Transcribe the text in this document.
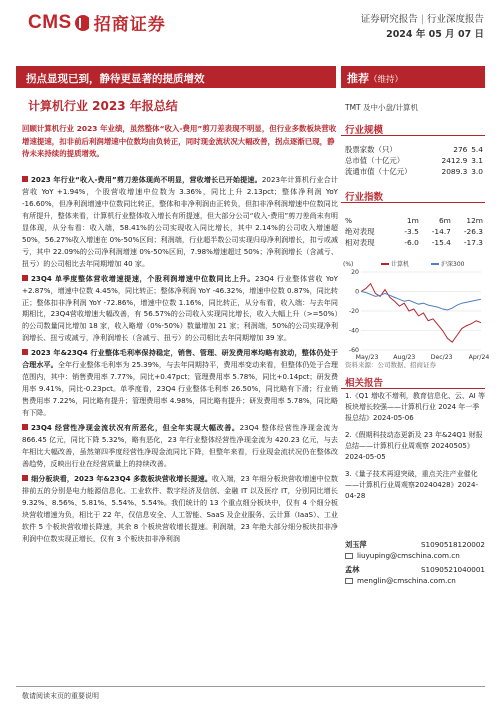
CMS 招商证券	证券研究报告 | 行业深度报告
2024 年 05 月 07 日
拐点显现已到，静待更显著的提质增效	推荐（维持）
计算机行业 2023 年报总结	TMT 及中小盘/计算机
回顾计算机行业 2023 年业绩，虽然整体“收入-费用”剪刀差表现不明显，但行业多数板块营收增速提速，扣非前后利润增速中位数均由负转正，同时现金流状况大幅改善，拐点逐渐已现，静待未来持续的提质增效。
2023 年行业“收入-费用”剪刀差体现尚不明显，营收增长已开始提速。2023年计算机行业合计营收 YoY +1.94%，个股营收增速中位数为 3.36%，同比上升 2.13pct；整体净利润 YoY -16.60%，但净利润增速中位数同比转正，整体和非净利润由正转负，但扣非净利润增速中位数同比有所提升，整体来看，计算机行业整体收入增长有所提速，但大部分公司“收入-费用”剪刀差尚未有明显体现，从分布看：收入端，58.41%的公司实现收入同比增长，其中 2.14%的公司收入增速超 50%，56.27%收入增速在 0%-50%区间；利润端，行业超半数公司实现归母净利润增长，扣亏或减亏，其中 22.09%的公司净利润增速 0%-50%区间，7.98%增速超过 50%；净利润增长（含减亏、扭亏）的公司相比去年同期增加 40 家。
23Q4 单季度整体营收增速提速，个股利润增速中位数同比上升。23Q4 行业整体营收 YoY +2.87%，增速中位数 4.45%，同比转正；整体净利润 YoY -46.32%，增速中位数 0.87%，同比转正；整体扣非净利润 YoY -72.86%，增速中位数 1.16%，同比转正，从分布看，收入端：与去年同期相比，23Q4营收增速大幅改善，有 56.57%的公司收入实现同比增长，收入大幅上升（>=50%）的公司数量同比增加 18 家，收入略增（0%-50%）数量增加 21 家；利润端，50%的公司实现净利润增长、扭亏或减亏，净利润增长（含减亏、扭亏）的公司相比去年同期增加 39 家。
2023 年&23Q4 行业整体毛利率保持稳定，销售、管理、研发费用率均略有波动，整体仍处于合理水平。全年行业整体毛利率为 25.39%，与去年同期持平，费用率变动来看，但整体仍处于合理范围内，其中：销售费用率 7.77%，同比+0.47pct；管理费用率 5.78%，同比+0.14pct；研发费用率 9.41%，同比-0.23pct。单季度看，23Q4 行业整体毛利率 26.50%，同比略有下滑；行业销售费用率 7.22%，同比略有提升；管理费用率 4.98%，同比略有提升；研发费用率 5.78%，同比略有下降。
23Q4 经营性净现金流状况有所恶化，但全年实现大幅改善。23Q4 整体经营性净现金流为 866.45 亿元，同比下降 5.32%，略有恶化，23 年行业整体经营性净现金流为 420.23 亿元，与去年相比大幅改善，虽然第四季度经营性净现金流同比下降，但整年来看，行业现金流状况仍在整体改善趋势，反映出行业在经营质量上的持续改善。
细分板块看，2023 年&23Q4 多数板块营收增长提速。收入端，23 年细分板块营收增速中位数排前五的分别是电力能源信息化、工业软件、数字经济及信创、金融 IT 以及医疗 IT，分别同比增长 9.32%、8.56%、5.81%、5.54%、5.54%。我们统计的 13 个重点细分板块中，仅有 4 个细分板块营收增速为负，相比于 22 年，仅信息安全、人工智能、SaaS 及企业服务、云计算（IaaS）、工业软件 5 个板块营收增长降速，其余 8 个板块营收增长提速。利润端，23 年绝大部分细分板块扣非净利润中位数实现正增长，仅有 3 个板块扣非净利润
行业规模
股票家数（只）	276	5.4
总市值（十亿元）	2412.9	3.1
流通市值（十亿元）	2089.3	3.0
行业指数
%	1m	6m	12m
绝对表现	-3.5	-14.7	-26.3
相对表现	-6.0	-15.4	-17.3
20
0
-20
-40
-60
May/23 Aug/23 Dec/23	Apr/24
计算机	沪深300
(%)
资料来源：公司数据、招商证券
相关报告
1.《Q1 增收不增利，教育信息化、云、AI 等板块增长较强——计算机行业 2024 年一季报总结》2024-05-06
2.《假期科技动态更新及 23 年&24Q1 财报总结——计算机行业周观察 20240505》2024-05-05
3.《量子技术再迎突破，重点关注产业催化——计算机行业周观察20240428》2024-04-28
刘玉萍	S1090518120002
liuyuping@cmschina.com.cn
孟林	S1090521040001
menglin@cmschina.com.cn
敬请阅读末页的重要说明
